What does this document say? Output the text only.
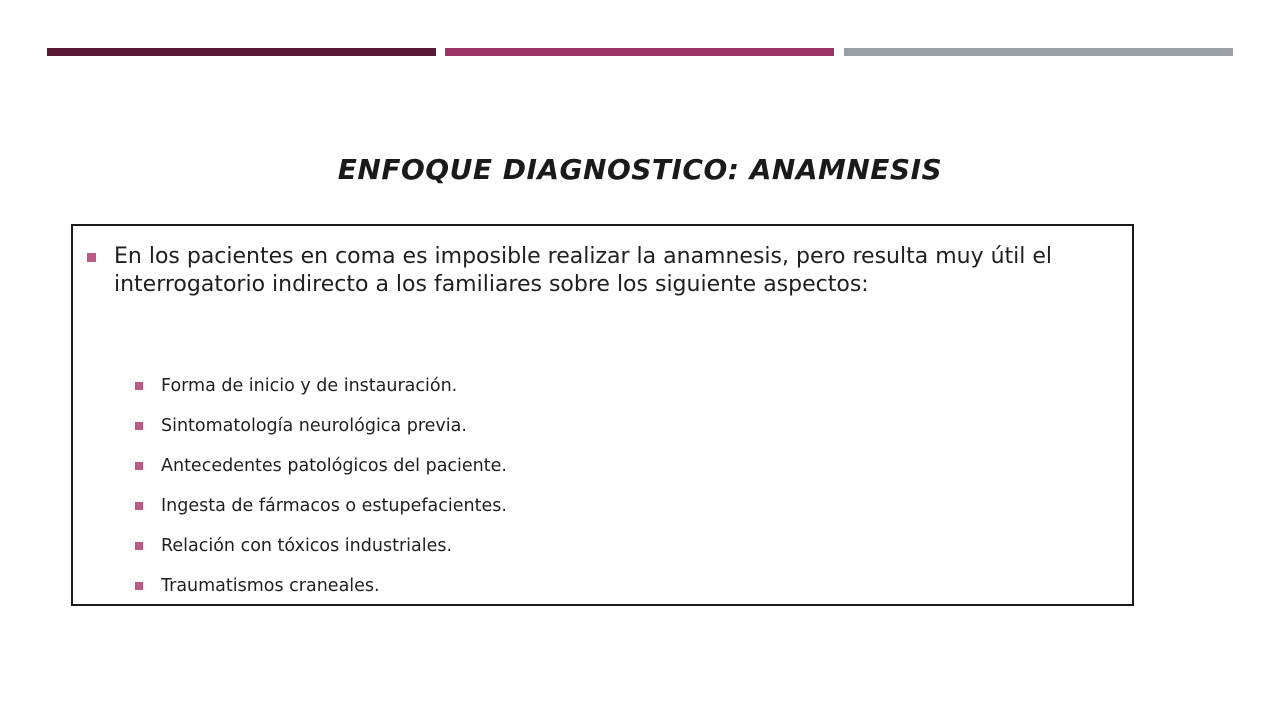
ENFOQUE DIAGNOSTICO: ANAMNESIS
En los pacientes en coma es imposible realizar la anamnesis, pero resulta muy útil el interrogatorio indirecto a los familiares sobre los siguiente aspectos:
Forma de inicio y de instauración.
Sintomatología neurológica previa.
Antecedentes patológicos del paciente.
Ingesta de fármacos o estupefacientes.
Relación con tóxicos industriales.
Traumatismos craneales.
